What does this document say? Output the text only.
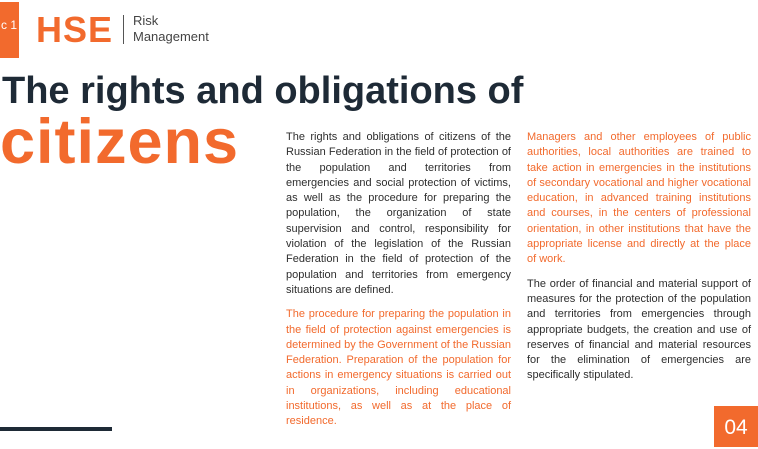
c 1 HSE Risk
Management
The rights and obligations of
citizens	The rights and obligations of citizens of the Russian Federation in the field of protection of the population and territories from emergencies and social protection of victims, as well as the procedure for preparing the population, the organization of state supervision and control, responsibility for violation of the legislation of the Russian Federation in the field of protection of the population and territories from emergency situations are defined.

The procedure for preparing the population in the field of protection against emergencies is determined by the Government of the Russian Federation. Preparation of the population for actions in emergency situations is carried out in organizations, including educational institutions, as well as at the place of residence.

Managers and other employees of public authorities, local authorities are trained to take action in emergencies in the institutions of secondary vocational and higher vocational education, in advanced training institutions and courses, in the centers of professional orientation, in other institutions that have the appropriate license and directly at the place of work.

The order of financial and material support of measures for the protection of the population and territories from emergencies through appropriate budgets, the creation and use of reserves of financial and material resources for the elimination of emergencies are specifically stipulated.

04
